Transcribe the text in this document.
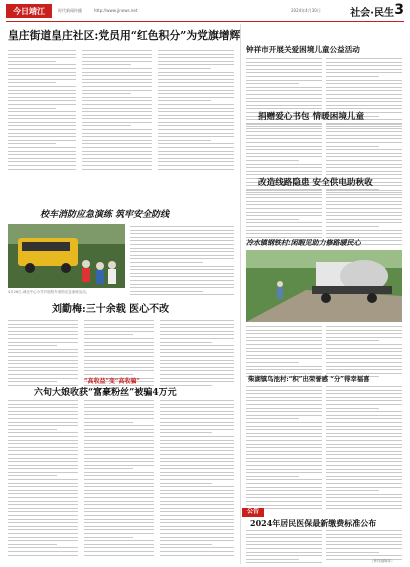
今日靖江	时代新闻传播	http://www.jjnews.net	2024年4月30日	社会·民生 3
皇庄街道皇庄社区:党员用“红色积分”为党旗增辉
校车消防应急演练 筑牢安全防线
4月26日,城北中心小学开展校车消防应急演练活动。
刘勤梅:三十余载 医心不改
“高收益”变“高收骗”
六旬大娘收获“富豪粉丝”被骗4万元
钟祥市开展关爱困境儿童公益活动
捐赠爱心书包 情暖困境儿童
改造线路隐患 安全供电助秋收
冷水镇钢铁村:闲暇见助力修路暖民心
柴湖镇鸟池村:“积”出荣誉感 “分”得幸福喜
公告
2024年居民医保最新缴费标准公布
（钟祥融媒体）
